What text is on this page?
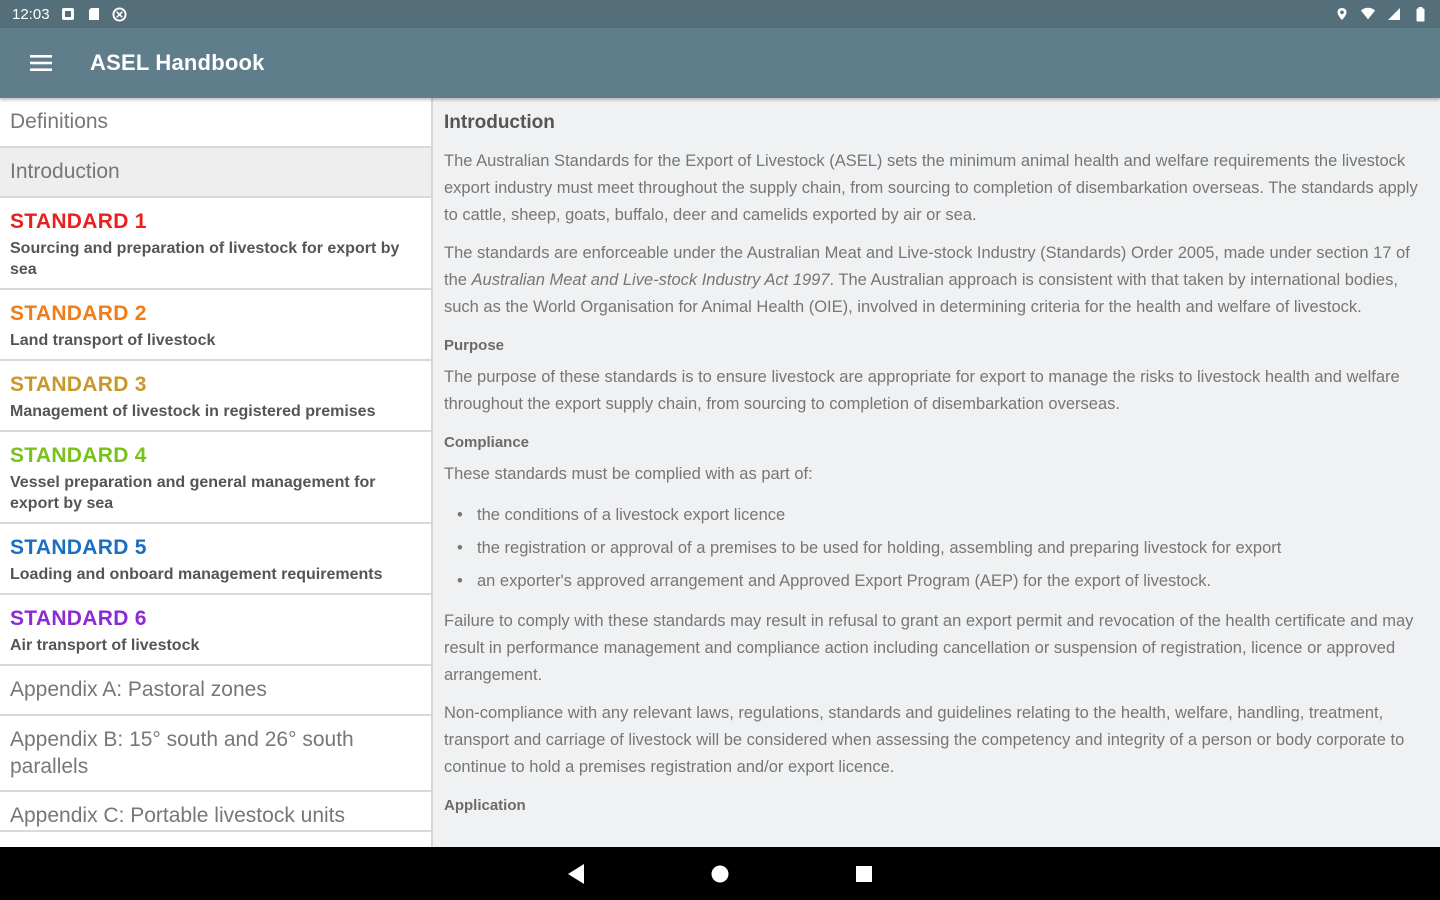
12:03
ASEL Handbook
Definitions
Introduction
STANDARD 1
Sourcing and preparation of livestock for export by sea
STANDARD 2
Land transport of livestock
STANDARD 3
Management of livestock in registered premises
STANDARD 4
Vessel preparation and general management for export by sea
STANDARD 5
Loading and onboard management requirements
STANDARD 6
Air transport of livestock
Appendix A: Pastoral zones
Appendix B: 15° south and 26° south parallels
Appendix C: Portable livestock units
Introduction

The Australian Standards for the Export of Livestock (ASEL) sets the minimum animal health and welfare requirements the livestock export industry must meet throughout the supply chain, from sourcing to completion of disembarkation overseas. The standards apply to cattle, sheep, goats, buffalo, deer and camelids exported by air or sea.

The standards are enforceable under the Australian Meat and Live-stock Industry (Standards) Order 2005, made under section 17 of the Australian Meat and Live-stock Industry Act 1997. The Australian approach is consistent with that taken by international bodies, such as the World Organisation for Animal Health (OIE), involved in determining criteria for the health and welfare of livestock.

Purpose

The purpose of these standards is to ensure livestock are appropriate for export to manage the risks to livestock health and welfare throughout the export supply chain, from sourcing to completion of disembarkation overseas.

Compliance

These standards must be complied with as part of:

• the conditions of a livestock export licence
• the registration or approval of a premises to be used for holding, assembling and preparing livestock for export
• an exporter's approved arrangement and Approved Export Program (AEP) for the export of livestock.

Failure to comply with these standards may result in refusal to grant an export permit and revocation of the health certificate and may result in performance management and compliance action including cancellation or suspension of registration, licence or approved arrangement.

Non-compliance with any relevant laws, regulations, standards and guidelines relating to the health, welfare, handling, treatment, transport and carriage of livestock will be considered when assessing the competency and integrity of a person or body corporate to continue to hold a premises registration and/or export licence.

Application
